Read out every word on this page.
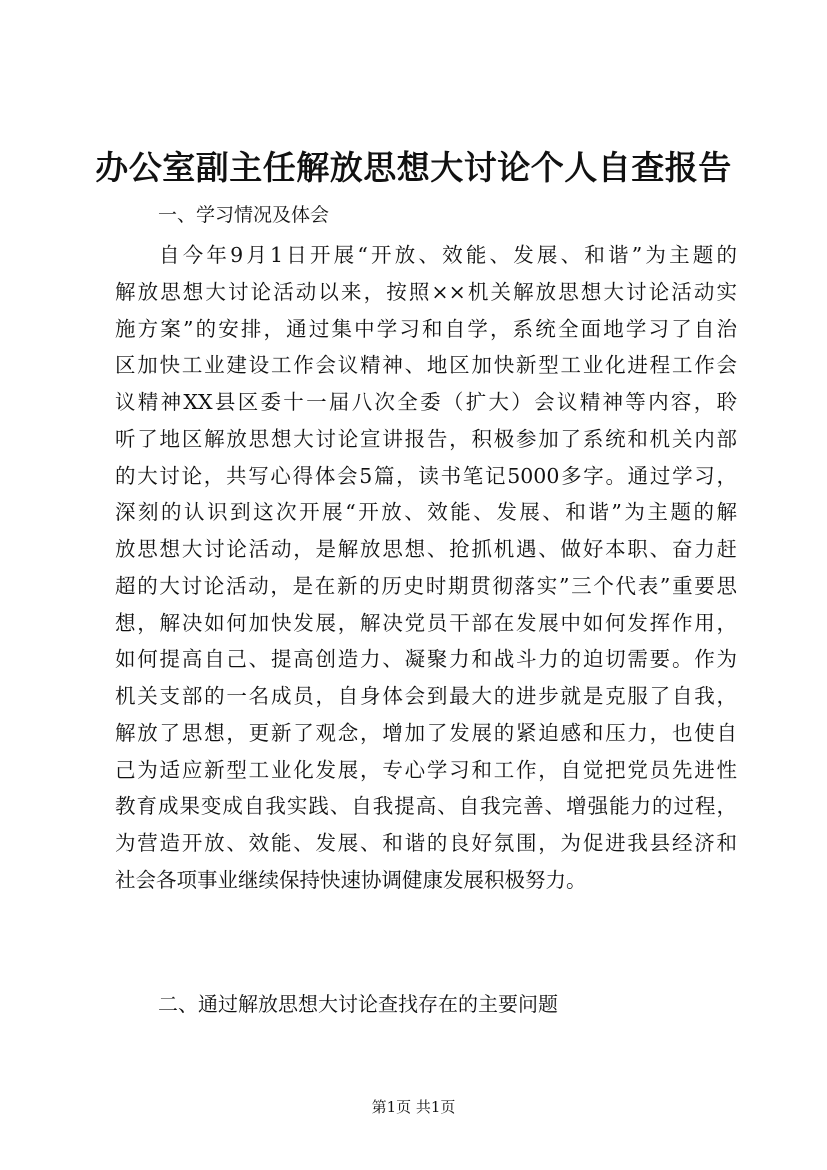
办公室副主任解放思想大讨论个人自查报告
一、学习情况及体会
自今年9月1日开展“开放、效能、发展、和谐”为主题的
解放思想大讨论活动以来，按照××机关解放思想大讨论活动实
施方案”的安排，通过集中学习和自学，系统全面地学习了自治
区加快工业建设工作会议精神、地区加快新型工业化进程工作会
议精神XX县区委十一届八次全委（扩大）会议精神等内容，聆
听了地区解放思想大讨论宣讲报告，积极参加了系统和机关内部
的大讨论，共写心得体会5篇，读书笔记5000多字。通过学习，
深刻的认识到这次开展“开放、效能、发展、和谐”为主题的解
放思想大讨论活动，是解放思想、抢抓机遇、做好本职、奋力赶
超的大讨论活动，是在新的历史时期贯彻落实”三个代表”重要思
想，解决如何加快发展，解决党员干部在发展中如何发挥作用，
如何提高自己、提高创造力、凝聚力和战斗力的迫切需要。作为
机关支部的一名成员，自身体会到最大的进步就是克服了自我，
解放了思想，更新了观念，增加了发展的紧迫感和压力，也使自
己为适应新型工业化发展，专心学习和工作，自觉把党员先进性
教育成果变成自我实践、自我提高、自我完善、增强能力的过程，
为营造开放、效能、发展、和谐的良好氛围，为促进我县经济和
社会各项事业继续保持快速协调健康发展积极努力。
二、通过解放思想大讨论查找存在的主要问题
第1页 共1页
